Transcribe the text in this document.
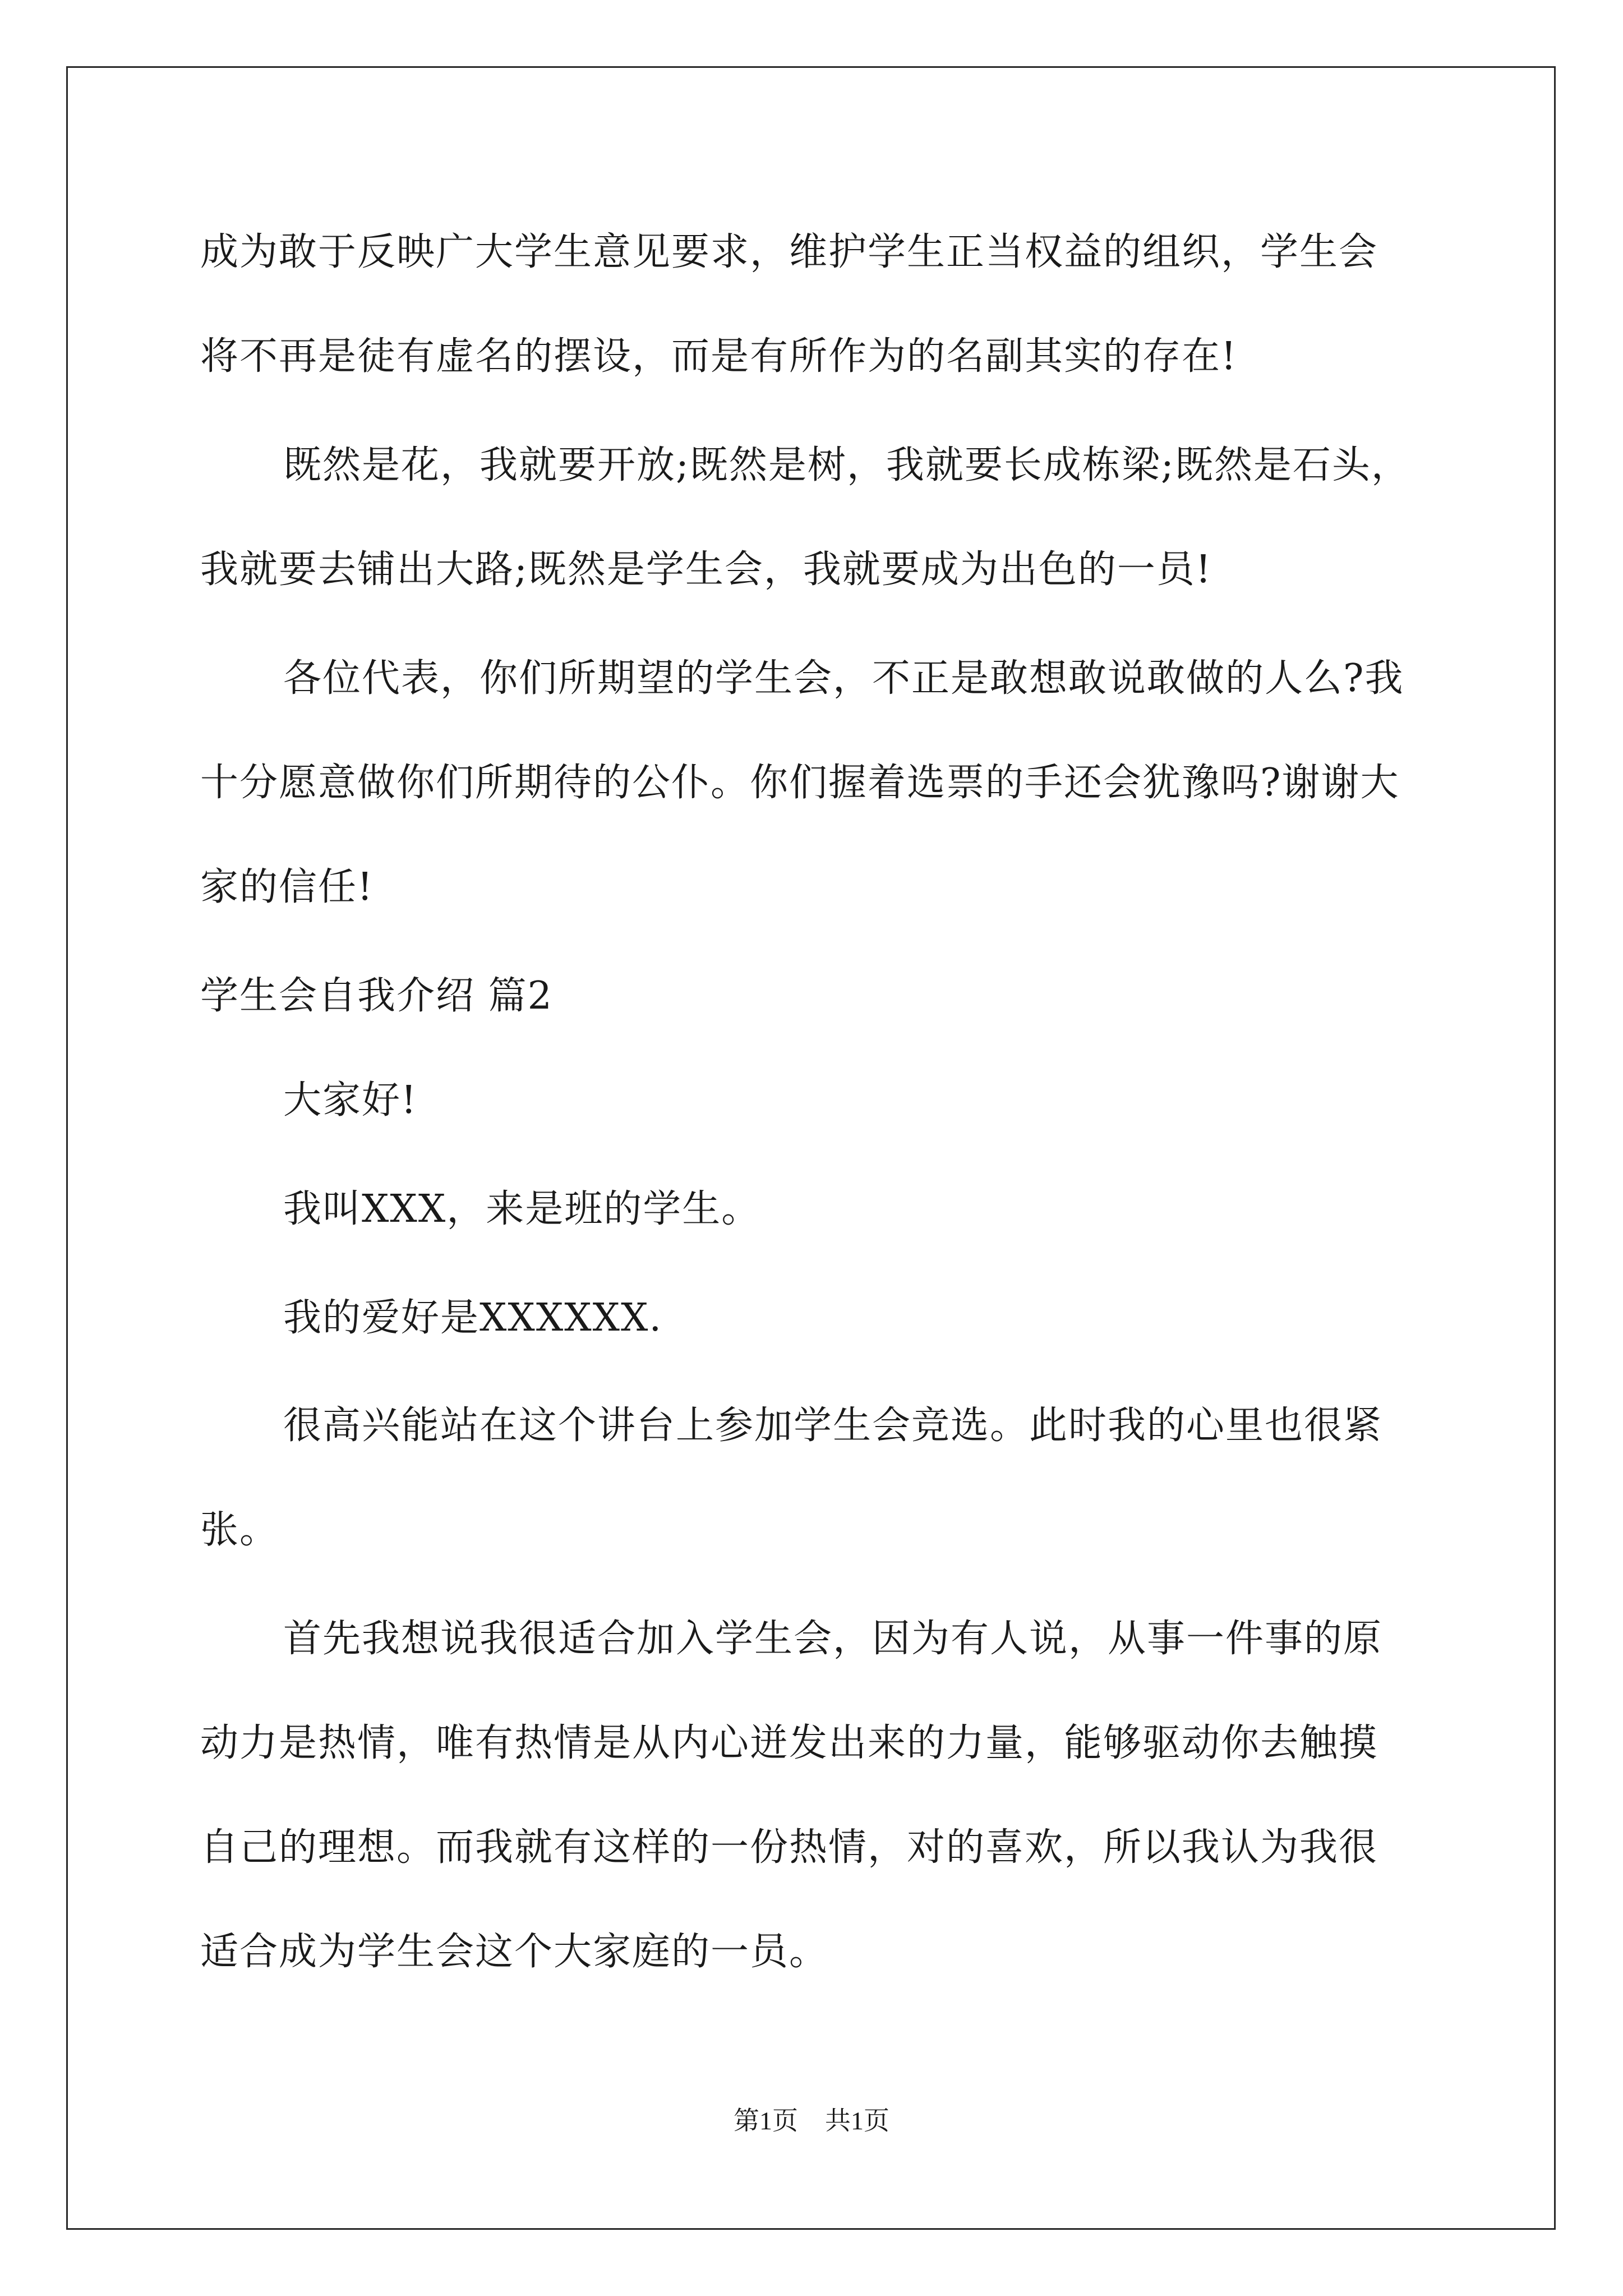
成为敢于反映广大学生意见要求，维护学生正当权益的组织，学生会
将不再是徒有虚名的摆设，而是有所作为的名副其实的存在!
既然是花，我就要开放;既然是树，我就要长成栋梁;既然是石头，
我就要去铺出大路;既然是学生会，我就要成为出色的一员!
各位代表，你们所期望的学生会，不正是敢想敢说敢做的人么?我
十分愿意做你们所期待的公仆。你们握着选票的手还会犹豫吗?谢谢大
家的信任!
学生会自我介绍 篇2
大家好!
我叫XXX，来是班的学生。
我的爱好是XXXXXX.
很高兴能站在这个讲台上参加学生会竞选。此时我的心里也很紧
张。
首先我想说我很适合加入学生会，因为有人说，从事一件事的原
动力是热情，唯有热情是从内心迸发出来的力量，能够驱动你去触摸
自己的理想。而我就有这样的一份热情，对的喜欢，所以我认为我很
适合成为学生会这个大家庭的一员。
第1页 共1页
